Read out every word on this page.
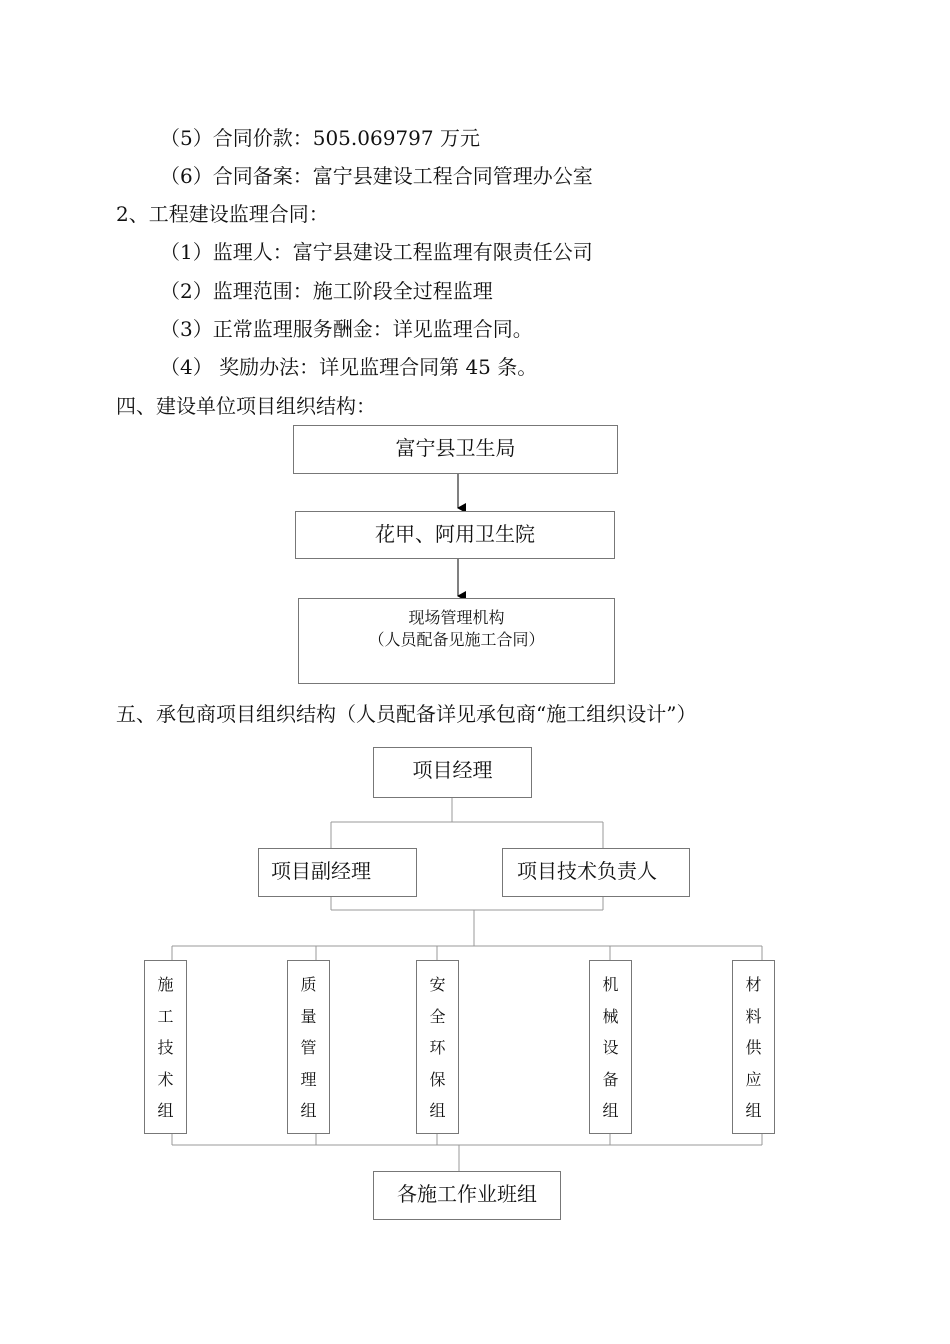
（5）合同价款：505.069797 万元
（6）合同备案：富宁县建设工程合同管理办公室
2、工程建设监理合同：
（1）监理人：富宁县建设工程监理有限责任公司
（2）监理范围：施工阶段全过程监理
（3）正常监理服务酬金：详见监理合同。
（4） 奖励办法：详见监理合同第 45 条。
四、建设单位项目组织结构：
富宁县卫生局
花甲、阿用卫生院
现场管理机构
（人员配备见施工合同）
五、承包商项目组织结构（人员配备详见承包商“施工组织设计”）
项目经理
项目副经理	项目技术负责人
施
工
技
术
组
质
量
管
理
组
安
全
环
保
组
机
械
设
备
组
材
料
供
应
组
各施工作业班组
